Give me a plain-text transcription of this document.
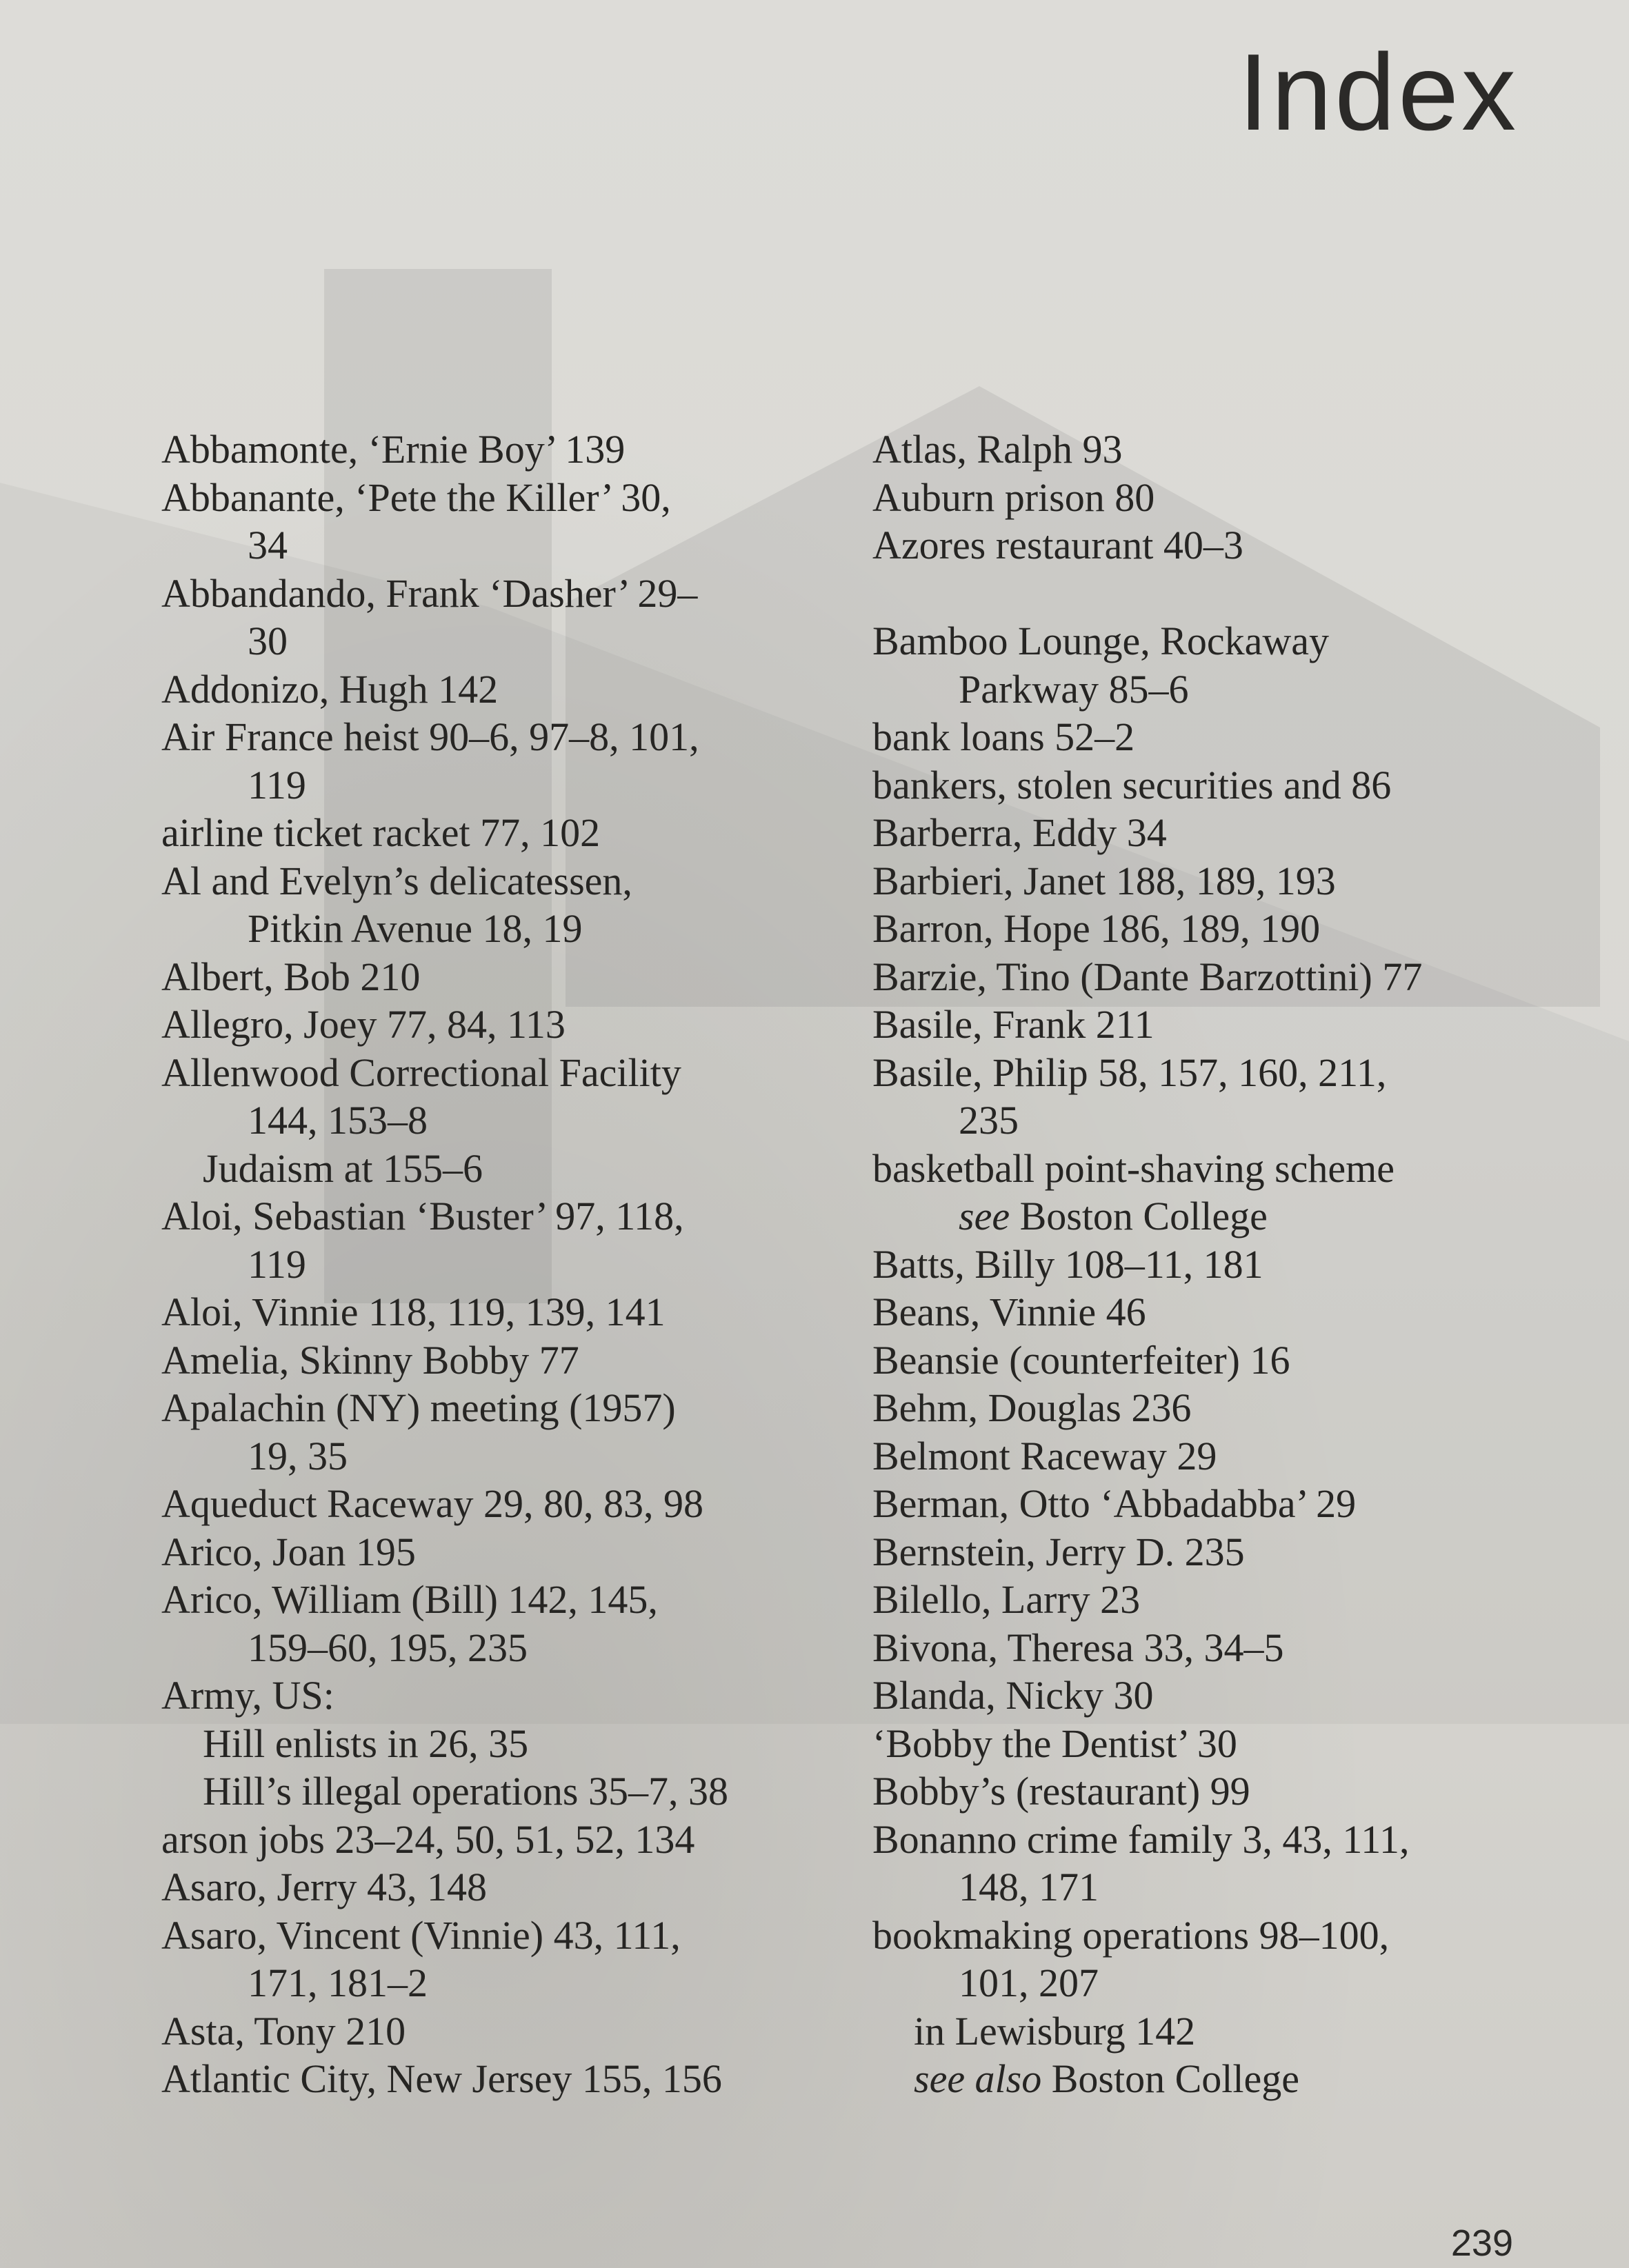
Index
Abbamonte, ‘Ernie Boy’ 139
Abbanante, ‘Pete the Killer’ 30,
34
Abbandando, Frank ‘Dasher’ 29–
30
Addonizo, Hugh 142
Air France heist 90–6, 97–8, 101,
119
airline ticket racket 77, 102
Al and Evelyn’s delicatessen,
Pitkin Avenue 18, 19
Albert, Bob 210
Allegro, Joey 77, 84, 113
Allenwood Correctional Facility
144, 153–8
Judaism at 155–6
Aloi, Sebastian ‘Buster’ 97, 118,
119
Aloi, Vinnie 118, 119, 139, 141
Amelia, Skinny Bobby 77
Apalachin (NY) meeting (1957)
19, 35
Aqueduct Raceway 29, 80, 83, 98
Arico, Joan 195
Arico, William (Bill) 142, 145,
159–60, 195, 235
Army, US:
Hill enlists in 26, 35
Hill’s illegal operations 35–7, 38
arson jobs 23–24, 50, 51, 52, 134
Asaro, Jerry 43, 148
Asaro, Vincent (Vinnie) 43, 111,
171, 181–2
Asta, Tony 210
Atlantic City, New Jersey 155, 156
Atlas, Ralph 93
Auburn prison 80
Azores restaurant 40–3
Bamboo Lounge, Rockaway
Parkway 85–6
bank loans 52–2
bankers, stolen securities and 86
Barberra, Eddy 34
Barbieri, Janet 188, 189, 193
Barron, Hope 186, 189, 190
Barzie, Tino (Dante Barzottini) 77
Basile, Frank 211
Basile, Philip 58, 157, 160, 211,
235
basketball point-shaving scheme
see Boston College
Batts, Billy 108–11, 181
Beans, Vinnie 46
Beansie (counterfeiter) 16
Behm, Douglas 236
Belmont Raceway 29
Berman, Otto ‘Abbadabba’ 29
Bernstein, Jerry D. 235
Bilello, Larry 23
Bivona, Theresa 33, 34–5
Blanda, Nicky 30
‘Bobby the Dentist’ 30
Bobby’s (restaurant) 99
Bonanno crime family 3, 43, 111,
148, 171
bookmaking operations 98–100,
101, 207
in Lewisburg 142
see also Boston College
239
